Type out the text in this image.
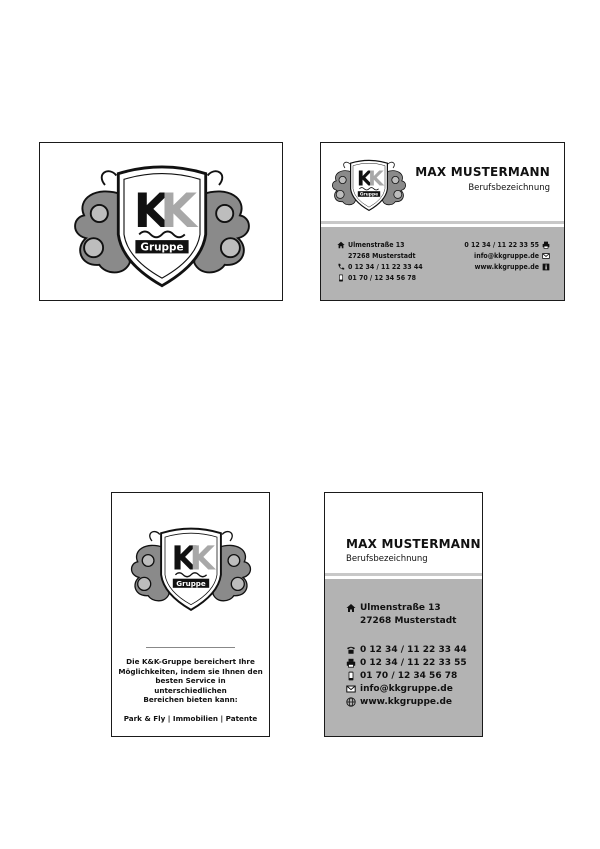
MAX MUSTERMANN
Berufsbezeichnung
Ulmenstraße 13
27268 Musterstadt
0 12 34 / 11 22 33 44
01 70 / 12 34 56 78
0 12 34 / 11 22 33 55
info@kkgruppe.de
www.kkgruppe.de
Die K&K-Gruppe bereichert Ihre
Möglichkeiten, indem sie Ihnen den
besten Service in unterschiedlichen
Bereichen bieten kann:
Park & Fly | Immobilien | Patente
MAX MUSTERMANN
Berufsbezeichnung
Ulmenstraße 13
27268 Musterstadt
0 12 34 / 11 22 33 44
0 12 34 / 11 22 33 55
01 70 / 12 34 56 78
info@kkgruppe.de
www.kkgruppe.de
